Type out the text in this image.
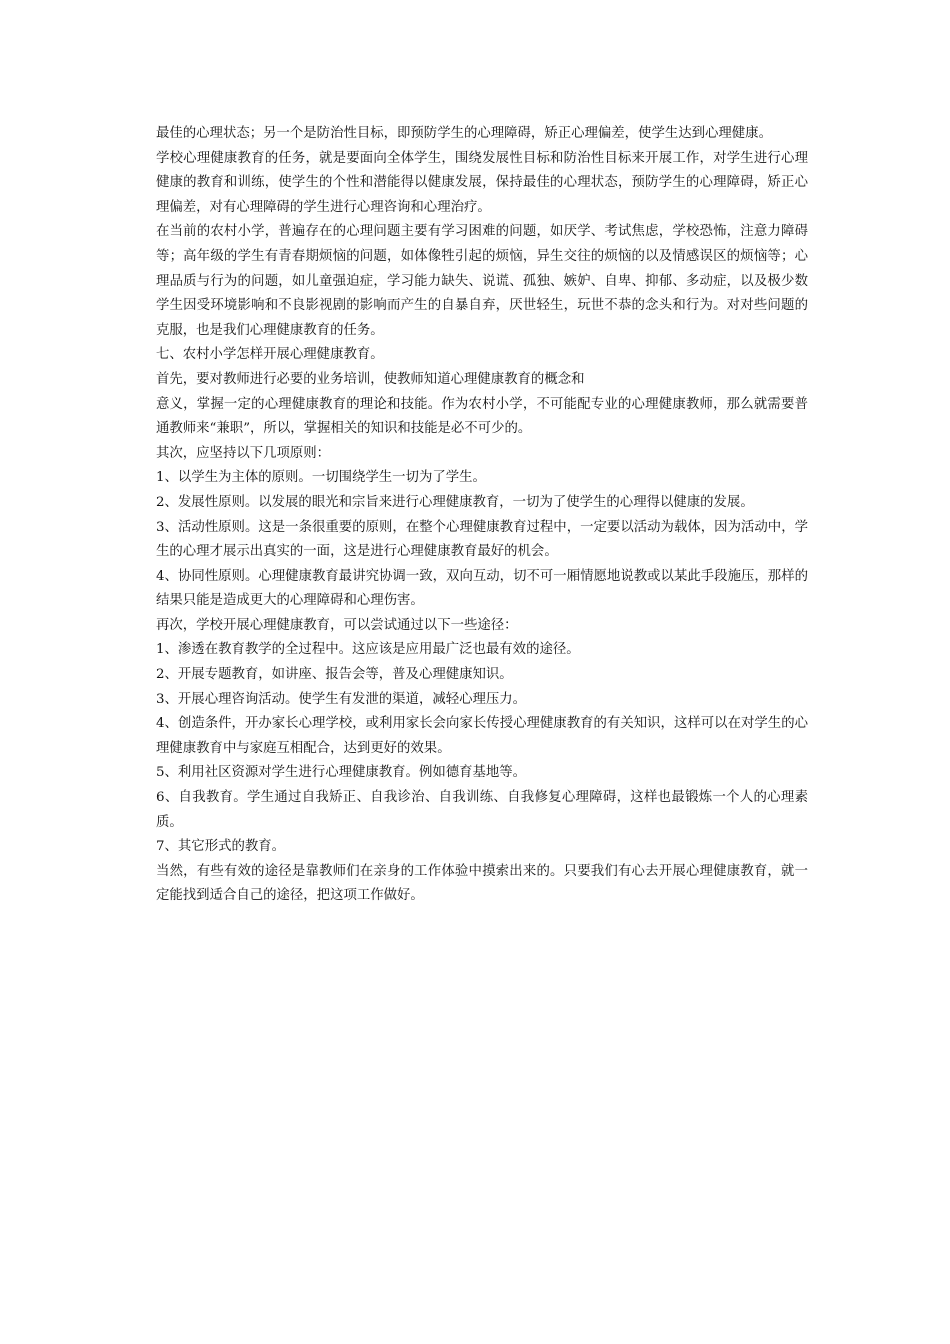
最佳的心理状态；另一个是防治性目标，即预防学生的心理障碍，矫正心理偏差，使学生达到心理健康。

学校心理健康教育的任务，就是要面向全体学生，围绕发展性目标和防治性目标来开展工作，对学生进行心理健康的教育和训练，使学生的个性和潜能得以健康发展，保持最佳的心理状态，预防学生的心理障碍，矫正心理偏差，对有心理障碍的学生进行心理咨询和心理治疗。

在当前的农村小学，普遍存在的心理问题主要有学习困难的问题，如厌学、考试焦虑，学校恐怖，注意力障碍等；高年级的学生有青春期烦恼的问题，如体像牲引起的烦恼，异生交往的烦恼的以及情感误区的烦恼等；心理品质与行为的问题，如儿童强迫症，学习能力缺失、说谎、孤独、嫉妒、自卑、抑郁、多动症，以及极少数学生因受环境影响和不良影视剧的影响而产生的自暴自弃，厌世轻生，玩世不恭的念头和行为。对对些问题的克服，也是我们心理健康教育的任务。

七、农村小学怎样开展心理健康教育。

首先，要对教师进行必要的业务培训，使教师知道心理健康教育的概念和

意义，掌握一定的心理健康教育的理论和技能。作为农村小学，不可能配专业的心理健康教师，那么就需要普通教师来“兼职”，所以，掌握相关的知识和技能是必不可少的。

其次，应坚持以下几项原则：

1、以学生为主体的原则。一切围绕学生一切为了学生。

2、发展性原则。以发展的眼光和宗旨来进行心理健康教育，一切为了使学生的心理得以健康的发展。

3、活动性原则。这是一条很重要的原则，在整个心理健康教育过程中，一定要以活动为载体，因为活动中，学生的心理才展示出真实的一面，这是进行心理健康教育最好的机会。

4、协同性原则。心理健康教育最讲究协调一致，双向互动，切不可一厢情愿地说教或以某此手段施压，那样的结果只能是造成更大的心理障碍和心理伤害。

再次，学校开展心理健康教育，可以尝试通过以下一些途径：

1、渗透在教育教学的全过程中。这应该是应用最广泛也最有效的途径。

2、开展专题教育，如讲座、报告会等，普及心理健康知识。

3、开展心理咨询活动。使学生有发泄的渠道，减轻心理压力。

4、创造条件，开办家长心理学校，或利用家长会向家长传授心理健康教育的有关知识，这样可以在对学生的心理健康教育中与家庭互相配合，达到更好的效果。

5、利用社区资源对学生进行心理健康教育。例如德育基地等。

6、自我教育。学生通过自我矫正、自我诊治、自我训练、自我修复心理障碍，这样也最锻炼一个人的心理素质。

7、其它形式的教育。

当然，有些有效的途径是靠教师们在亲身的工作体验中摸索出来的。只要我们有心去开展心理健康教育，就一定能找到适合自己的途径，把这项工作做好。
